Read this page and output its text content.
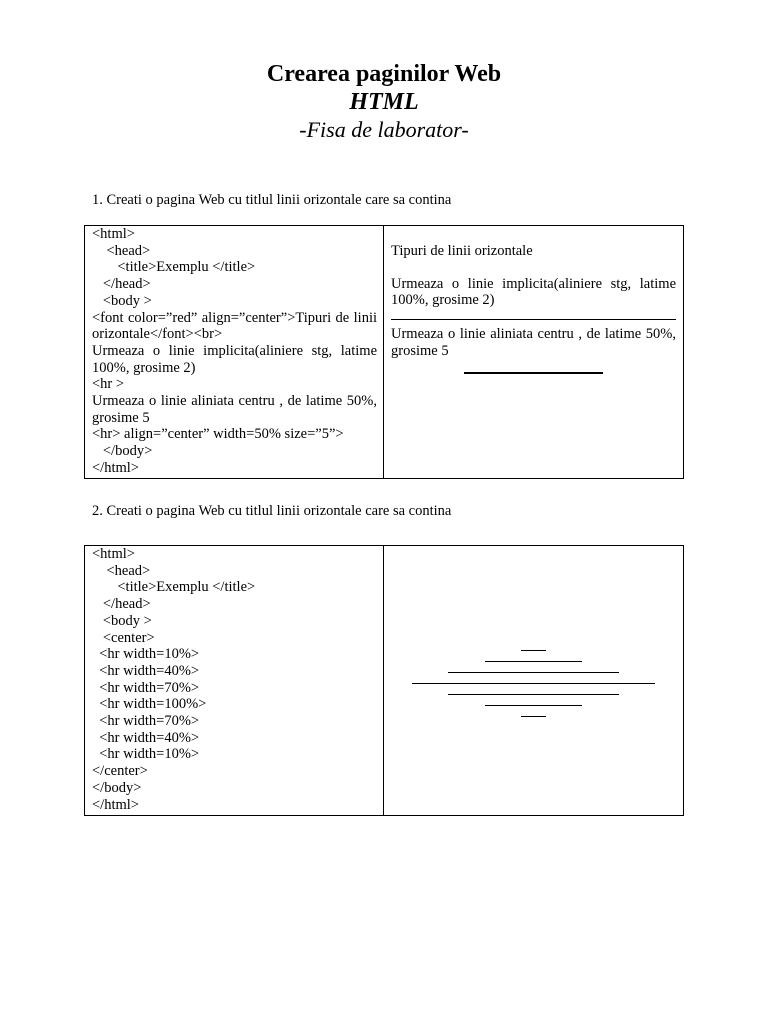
Crearea paginilor Web
HTML
-Fisa de laborator-
1. Creati o pagina Web cu titlul linii orizontale care sa contina
<html>
<head>
<title>Exemplu </title>
</head>
<body >
<font color=”red” align=”center”>Tipuri de linii orizontale</font><br>
Urmeaza o linie implicita(aliniere stg, latime 100%, grosime 2)
<hr >
Urmeaza o linie aliniata centru , de latime 50%, grosime 5
<hr> align=”center” width=50% size=”5”>
</body>
</html>
Tipuri de linii orizontale
Urmeaza o linie implicita(aliniere stg, latime 100%, grosime 2)
Urmeaza o linie aliniata centru , de latime 50%, grosime 5
2. Creati o pagina Web cu titlul linii orizontale care sa contina
<html>
<head>
<title>Exemplu </title>
</head>
<body >
<center>
<hr width=10%>
<hr width=40%>
<hr width=70%>
<hr width=100%>
<hr width=70%>
<hr width=40%>
<hr width=10%>
</center>
</body>
</html>
